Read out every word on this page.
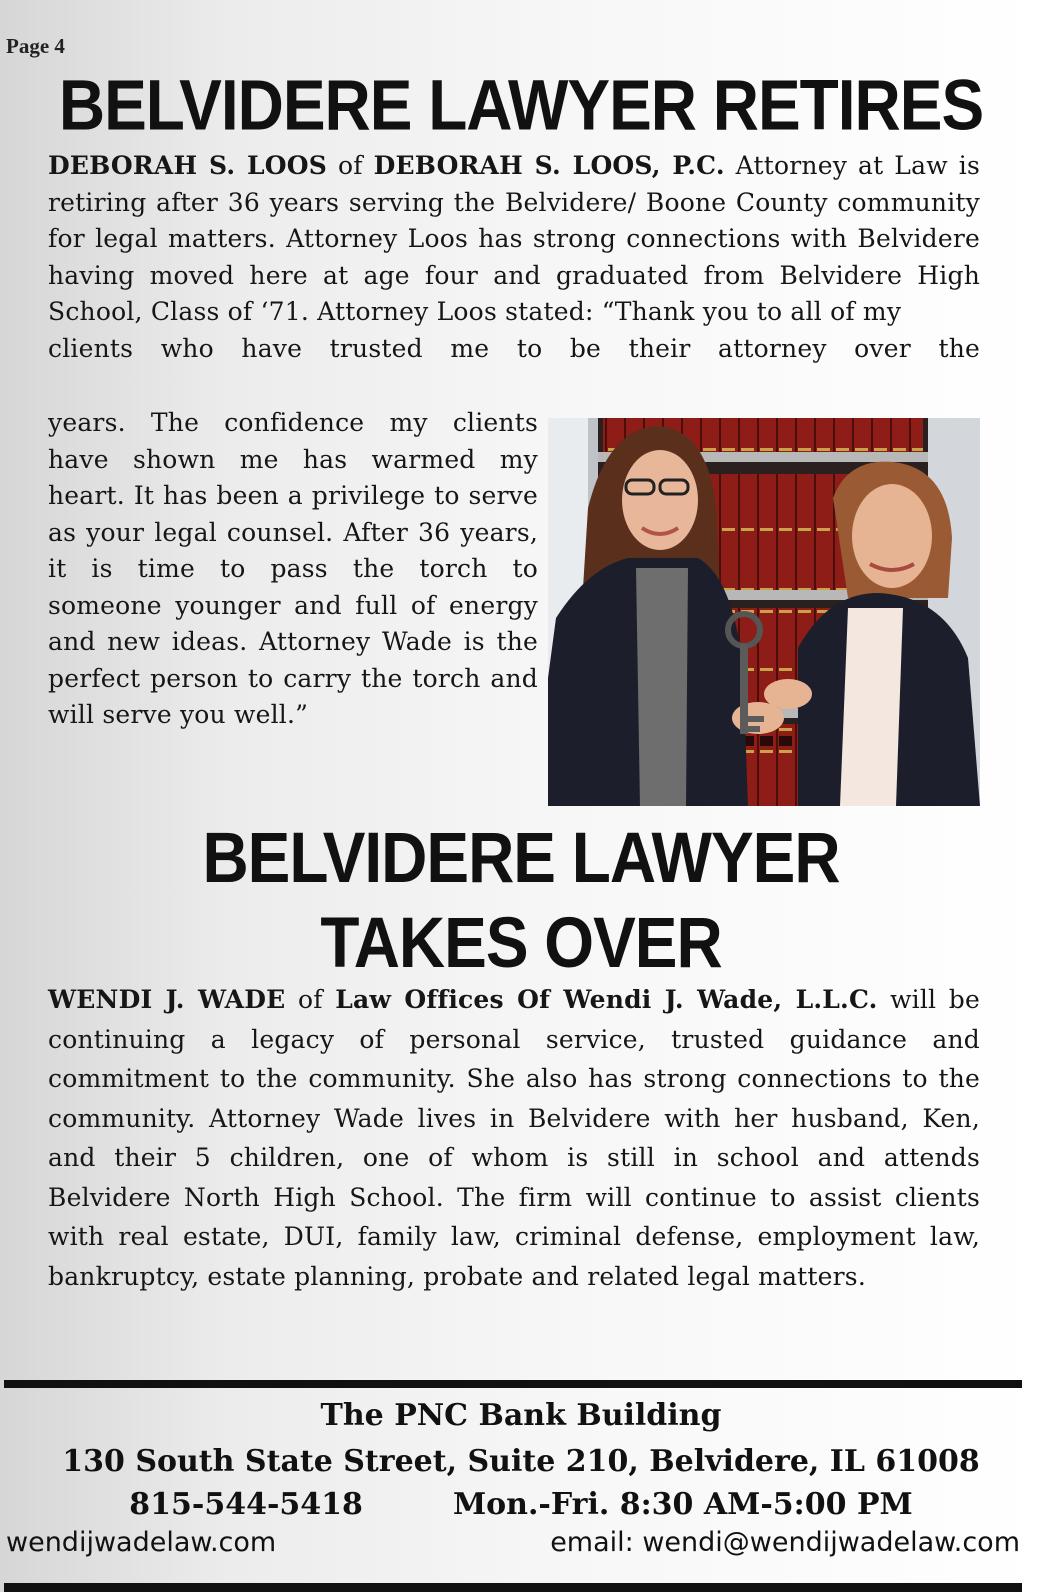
Page 4
BELVIDERE LAWYER RETIRES
DEBORAH S. LOOS of DEBORAH S. LOOS, P.C. Attorney at Law is retiring after 36 years serving the Belvidere/ Boone County community for legal matters. Attorney Loos has strong connections with Belvidere having moved here at age four and graduated from Belvidere High School, Class of ‘71. Attorney Loos stated: “Thank you to all of my
clients who have trusted me to be their attorney over the
years. The confidence my clients have shown me has warmed my heart. It has been a privilege to serve as your legal counsel. After 36 years, it is time to pass the torch to someone younger and full of energy and new ideas. Attorney Wade is the perfect person to carry the torch and will serve you well.”
BELVIDERE LAWYER
TAKES OVER
WENDI J. WADE of Law Offices Of Wendi J. Wade, L.L.C. will be continuing a legacy of personal service, trusted guidance and commitment to the community. She also has strong connections to the community. Attorney Wade lives in Belvidere with her husband, Ken, and their 5 children, one of whom is still in school and attends Belvidere North High School. The firm will continue to assist clients with real estate, DUI, family law, criminal defense, employment law, bankruptcy, estate planning, probate and related legal matters.
The PNC Bank Building
130 South State Street, Suite 210, Belvidere, IL 61008
815-544-5418	Mon.-Fri. 8:30 AM-5:00 PM
wendijwadelaw.com	email: wendi@wendijwadelaw.com
